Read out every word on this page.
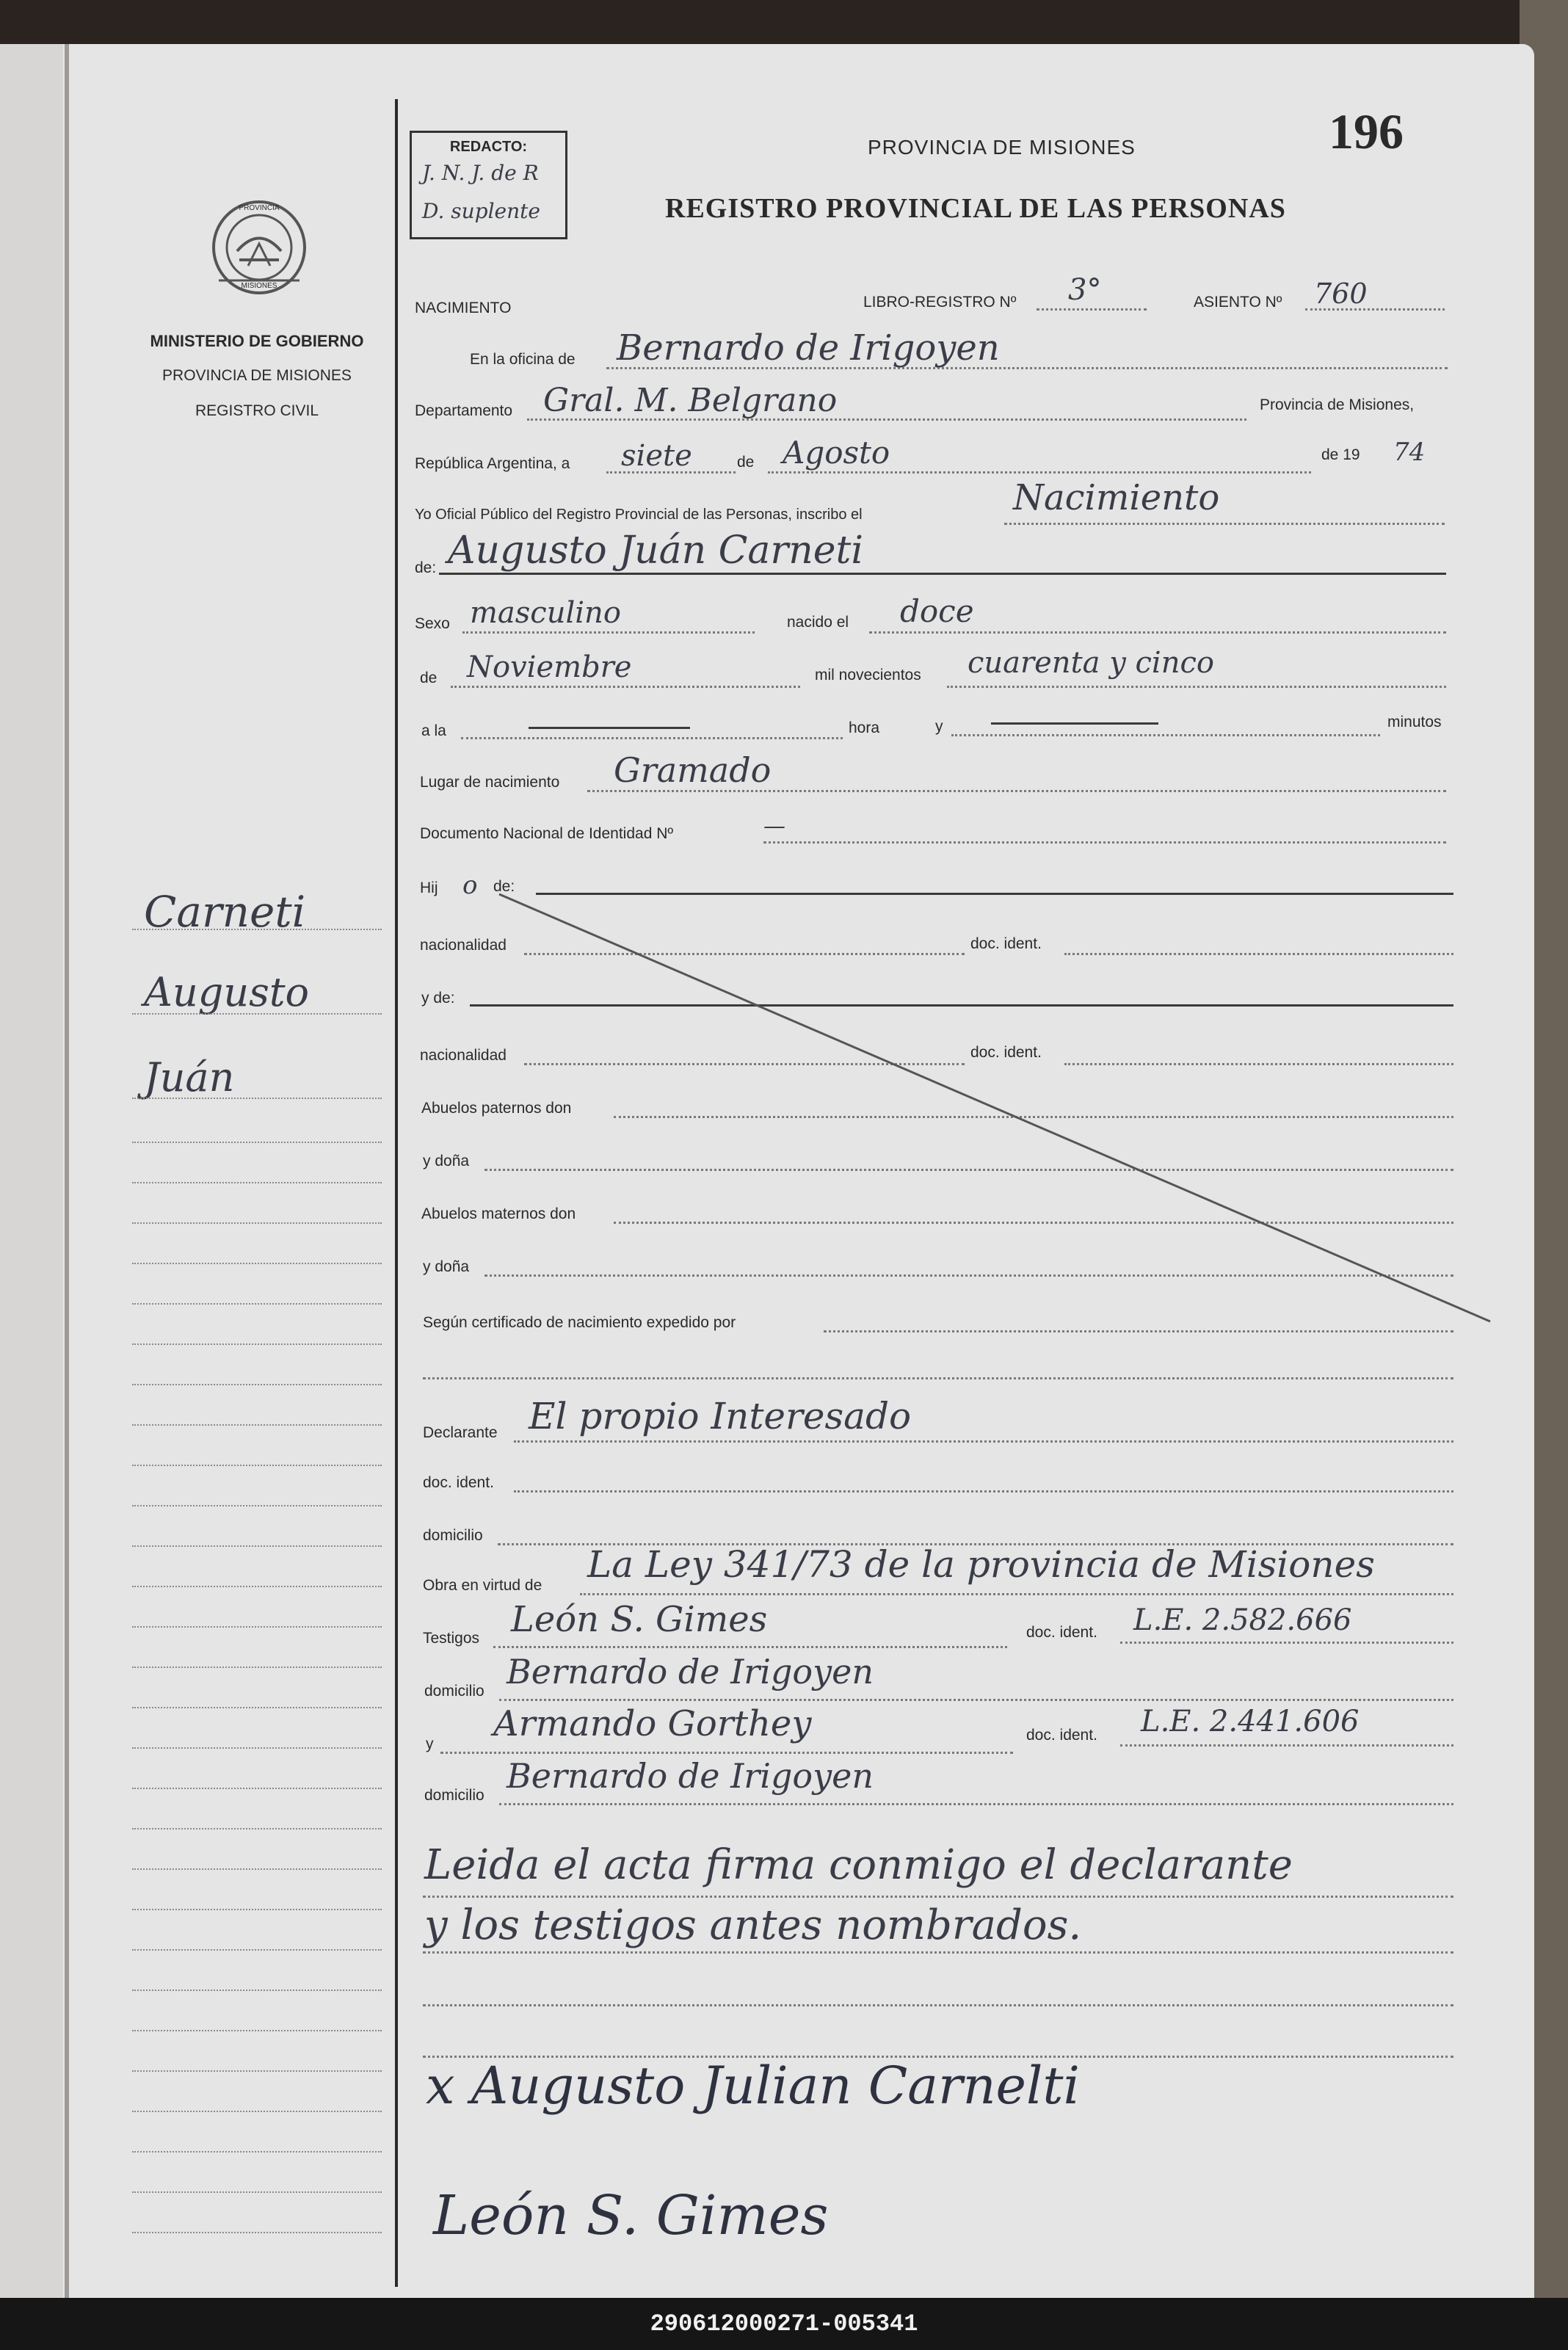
196
PROVINCIA DE MISIONES
REGISTRO PROVINCIAL DE LAS PERSONAS
REDACTO:
J. N. J. de R
D. suplente
PROVINCIA
MISIONES
MINISTERIO DE GOBIERNO
PROVINCIA DE MISIONES
REGISTRO CIVIL
Carneti
Augusto
Juán
NACIMIENTO	LIBRO-REGISTRO Nº 3°	ASIENTO Nº 760
En la oficina de Bernardo de Irigoyen
Departamento Gral. M. Belgrano	Provincia de Misiones,
República Argentina, a siete	de Agosto	de 19 74
Yo Oficial Público del Registro Provincial de las Personas, inscribo el	Nacimiento
de: Augusto Juán Carneti
Sexo masculino	nacido el doce
de Noviembre	mil novecientos cuarenta y cinco
a la	hora	y	minutos
Lugar de nacimiento Gramado
Documento Nacional de Identidad Nº	—
Hij o de:
nacionalidad	doc. ident.
y de:
nacionalidad	doc. ident.
Abuelos paternos don
y doña
Abuelos maternos don
y doña
Según certificado de nacimiento expedido por
Declarante El propio Interesado
doc. ident.
domicilio
Obra en virtud de La Ley 341/73 de la provincia de Misiones
Testigos León S. Gimes	doc. ident. L.E. 2.582.666
domicilio Bernardo de Irigoyen
y Armando Gorthey	doc. ident. L.E. 2.441.606
domicilio Bernardo de Irigoyen
Leida el acta firma conmigo el declarante
y los testigos antes nombrados.
x Augusto Julian Carnelti
León S. Gimes
290612000271-005341
